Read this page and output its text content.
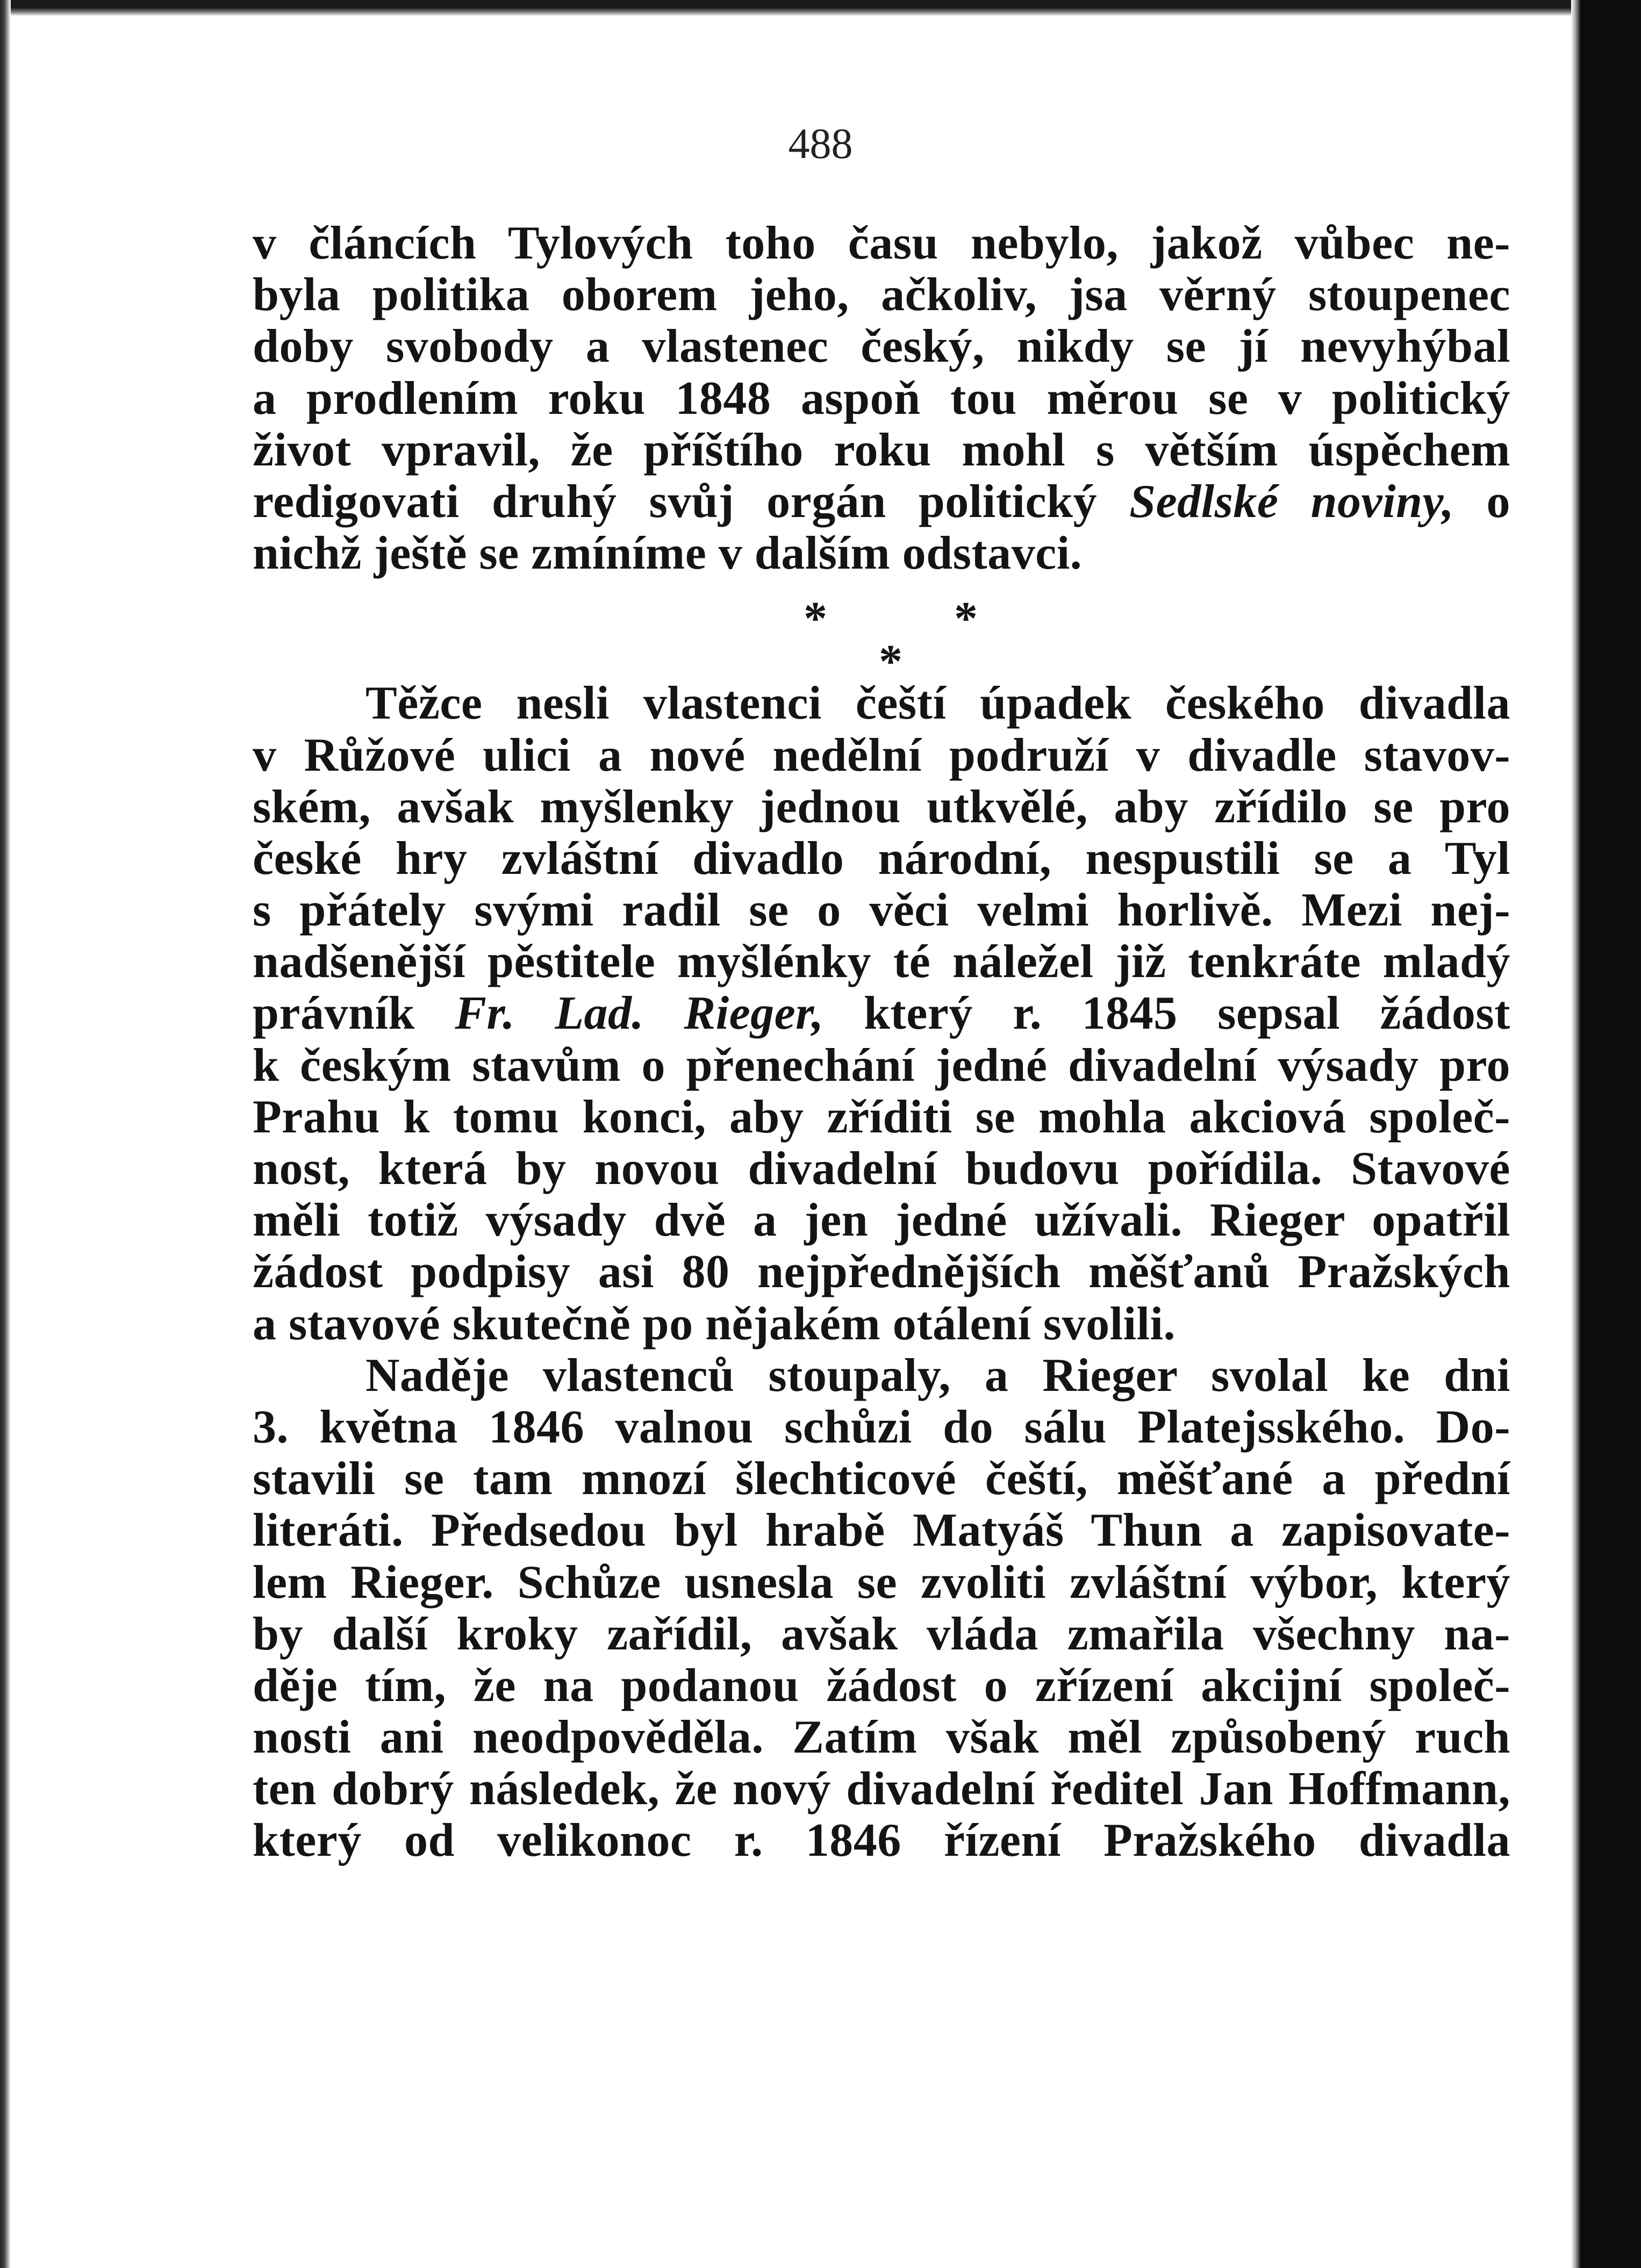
488
v článcích Tylových toho času nebylo, jakož vůbec ne-
byla politika oborem jeho, ačkoliv, jsa věrný stoupenec
doby svobody a vlastenec český, nikdy se jí nevyhýbal
a prodlením roku 1848 aspoň tou měrou se v politický
život vpravil, že příštího roku mohl s větším úspěchem
redigovati druhý svůj orgán politický Sedlské noviny, o
nichž ještě se zmíníme v dalším odstavci.
*	*
*
Těžce nesli vlastenci čeští úpadek českého divadla
v Růžové ulici a nové nedělní podruží v divadle stavov-
ském, avšak myšlenky jednou utkvělé, aby zřídilo se pro
české hry zvláštní divadlo národní, nespustili se a Tyl
s přátely svými radil se o věci velmi horlivě. Mezi nej-
nadšenější pěstitele myšlénky té náležel již tenkráte mladý
právník Fr. Lad. Rieger, který r. 1845 sepsal žádost
k českým stavům o přenechání jedné divadelní výsady pro
Prahu k tomu konci, aby zříditi se mohla akciová společ-
nost, která by novou divadelní budovu pořídila. Stavové
měli totiž výsady dvě a jen jedné užívali. Rieger opatřil
žádost podpisy asi 80 nejpřednějších měšťanů Pražských
a stavové skutečně po nějakém otálení svolili.
Naděje vlastenců stoupaly, a Rieger svolal ke dni
3. května 1846 valnou schůzi do sálu Platejsského. Do-
stavili se tam mnozí šlechticové čeští, měšťané a přední
literáti. Předsedou byl hrabě Matyáš Thun a zapisovate-
lem Rieger. Schůze usnesla se zvoliti zvláštní výbor, který
by další kroky zařídil, avšak vláda zmařila všechny na-
děje tím, že na podanou žádost o zřízení akcijní společ-
nosti ani neodpověděla. Zatím však měl způsobený ruch
ten dobrý následek, že nový divadelní ředitel Jan Hoffmann,
který od velikonoc r. 1846 řízení Pražského divadla
